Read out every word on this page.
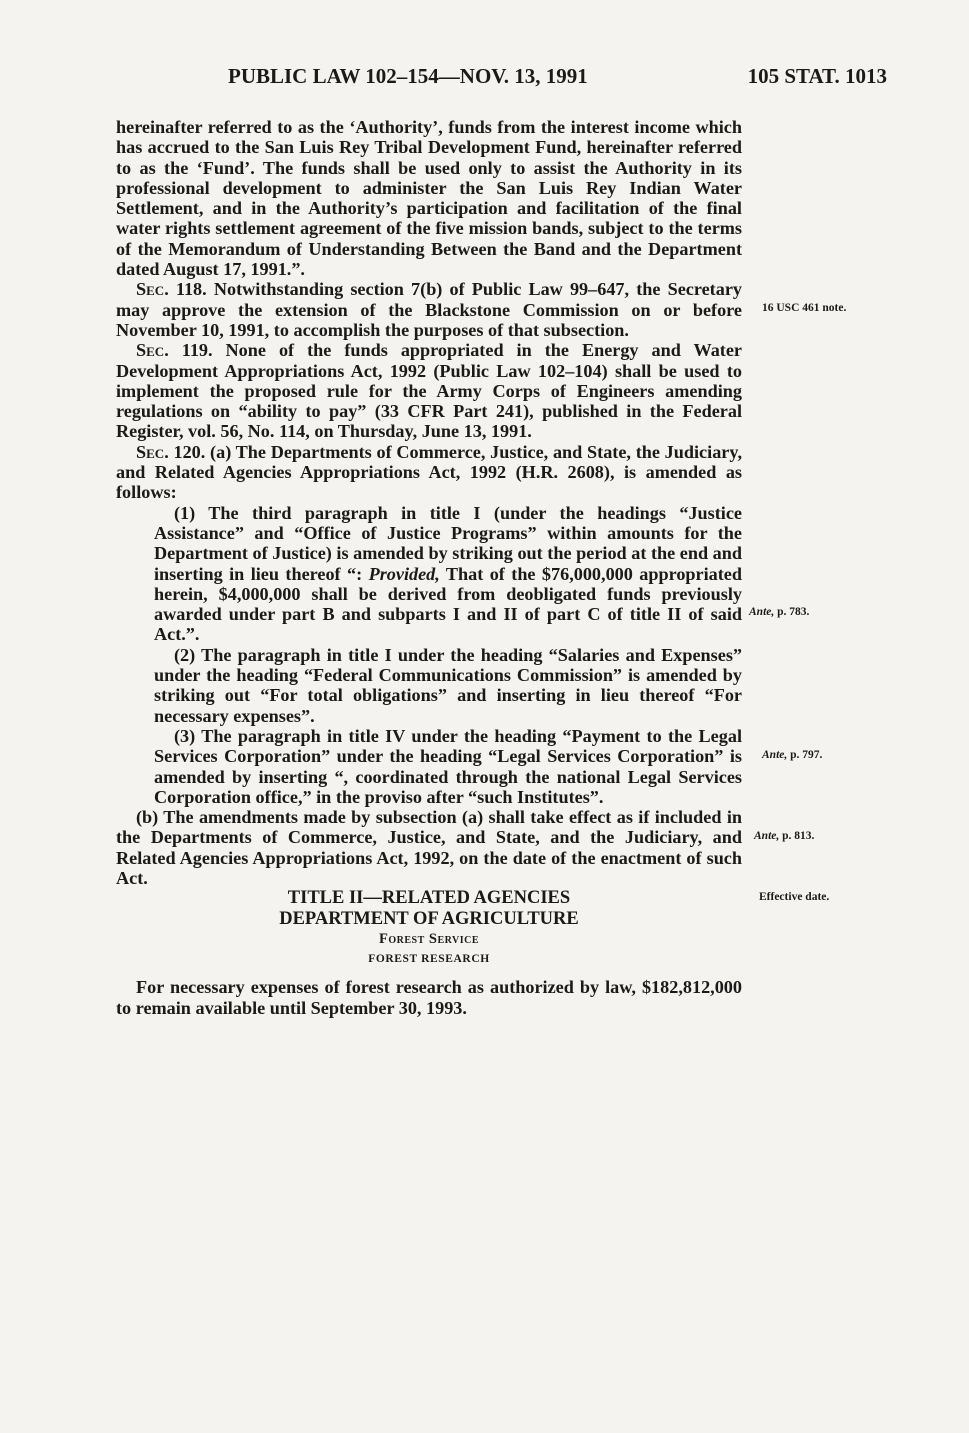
PUBLIC LAW 102–154—NOV. 13, 1991	105 STAT. 1013

hereinafter referred to as the ‘Authority’, funds from the interest income which has accrued to the San Luis Rey Tribal Development Fund, hereinafter referred to as the ‘Fund’. The funds shall be used only to assist the Authority in its professional development to administer the San Luis Rey Indian Water Settlement, and in the Authority’s participation and facilitation of the final water rights settlement agreement of the five mission bands, subject to the terms of the Memorandum of Understanding Between the Band and the Department dated August 17, 1991.”.

Sec. 118. Notwithstanding section 7(b) of Public Law 99–647, the Secretary may approve the extension of the Blackstone Commission on or before November 10, 1991, to accomplish the purposes of that subsection.

Sec. 119. None of the funds appropriated in the Energy and Water Development Appropriations Act, 1992 (Public Law 102–104) shall be used to implement the proposed rule for the Army Corps of Engineers amending regulations on “ability to pay” (33 CFR Part 241), published in the Federal Register, vol. 56, No. 114, on Thursday, June 13, 1991.

Sec. 120. (a) The Departments of Commerce, Justice, and State, the Judiciary, and Related Agencies Appropriations Act, 1992 (H.R. 2608), is amended as follows:

(1) The third paragraph in title I (under the headings “Justice Assistance” and “Office of Justice Programs” within amounts for the Department of Justice) is amended by striking out the period at the end and inserting in lieu thereof “: Provided, That of the $76,000,000 appropriated herein, $4,000,000 shall be derived from deobligated funds previously awarded under part B and subparts I and II of part C of title II of said Act.”.

(2) The paragraph in title I under the heading “Salaries and Expenses” under the heading “Federal Communications Commission” is amended by striking out “For total obligations” and inserting in lieu thereof “For necessary expenses”.

(3) The paragraph in title IV under the heading “Payment to the Legal Services Corporation” under the heading “Legal Services Corporation” is amended by inserting “, coordinated through the national Legal Services Corporation office,” in the proviso after “such Institutes”.

(b) The amendments made by subsection (a) shall take effect as if included in the Departments of Commerce, Justice, and State, and the Judiciary, and Related Agencies Appropriations Act, 1992, on the date of the enactment of such Act.

TITLE II—RELATED AGENCIES

DEPARTMENT OF AGRICULTURE

Forest Service

FOREST RESEARCH

For necessary expenses of forest research as authorized by law, $182,812,000 to remain available until September 30, 1993.

16 USC 461 note.
Ante, p. 783.
Ante, p. 797.
Ante, p. 813.
Effective date.
